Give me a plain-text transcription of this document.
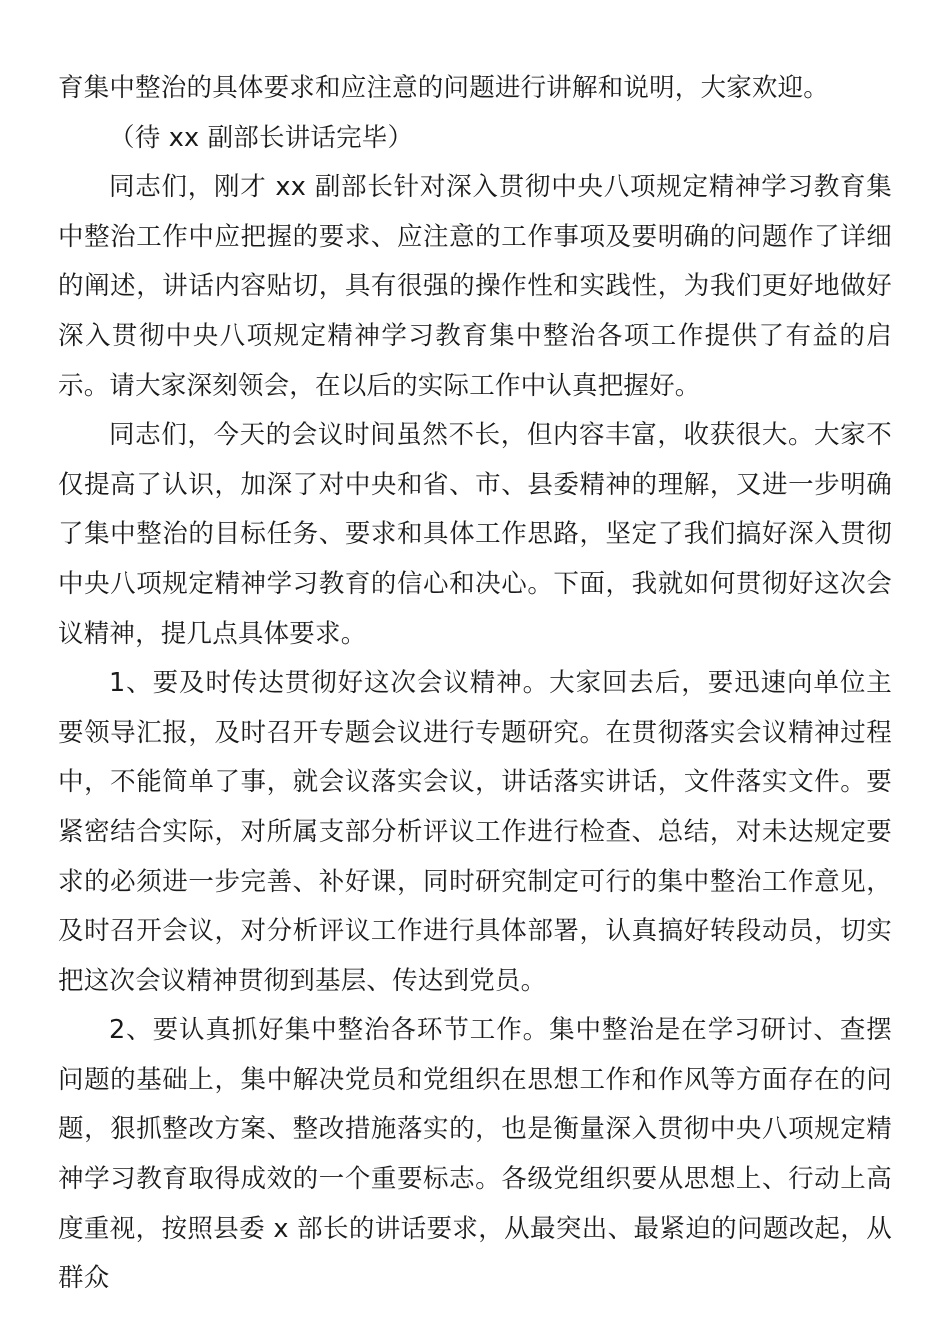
育集中整治的具体要求和应注意的问题进行讲解和说明，大家欢迎。

（待 xx 副部长讲话完毕）

同志们，刚才 xx 副部长针对深入贯彻中央八项规定精神学习教育集中整治工作中应把握的要求、应注意的工作事项及要明确的问题作了详细的阐述，讲话内容贴切，具有很强的操作性和实践性，为我们更好地做好深入贯彻中央八项规定精神学习教育集中整治各项工作提供了有益的启示。请大家深刻领会，在以后的实际工作中认真把握好。

同志们，今天的会议时间虽然不长，但内容丰富，收获很大。大家不仅提高了认识，加深了对中央和省、市、县委精神的理解，又进一步明确了集中整治的目标任务、要求和具体工作思路，坚定了我们搞好深入贯彻中央八项规定精神学习教育的信心和决心。下面，我就如何贯彻好这次会议精神，提几点具体要求。

1、要及时传达贯彻好这次会议精神。大家回去后，要迅速向单位主要领导汇报，及时召开专题会议进行专题研究。在贯彻落实会议精神过程中，不能简单了事，就会议落实会议，讲话落实讲话，文件落实文件。要紧密结合实际，对所属支部分析评议工作进行检查、总结，对未达规定要求的必须进一步完善、补好课，同时研究制定可行的集中整治工作意见，及时召开会议，对分析评议工作进行具体部署，认真搞好转段动员，切实把这次会议精神贯彻到基层、传达到党员。

2、要认真抓好集中整治各环节工作。集中整治是在学习研讨、查摆问题的基础上，集中解决党员和党组织在思想工作和作风等方面存在的问题，狠抓整改方案、整改措施落实的，也是衡量深入贯彻中央八项规定精神学习教育取得成效的一个重要标志。各级党组织要从思想上、行动上高度重视，按照县委 x 部长的讲话要求，从最突出、最紧迫的问题改起，从群众
